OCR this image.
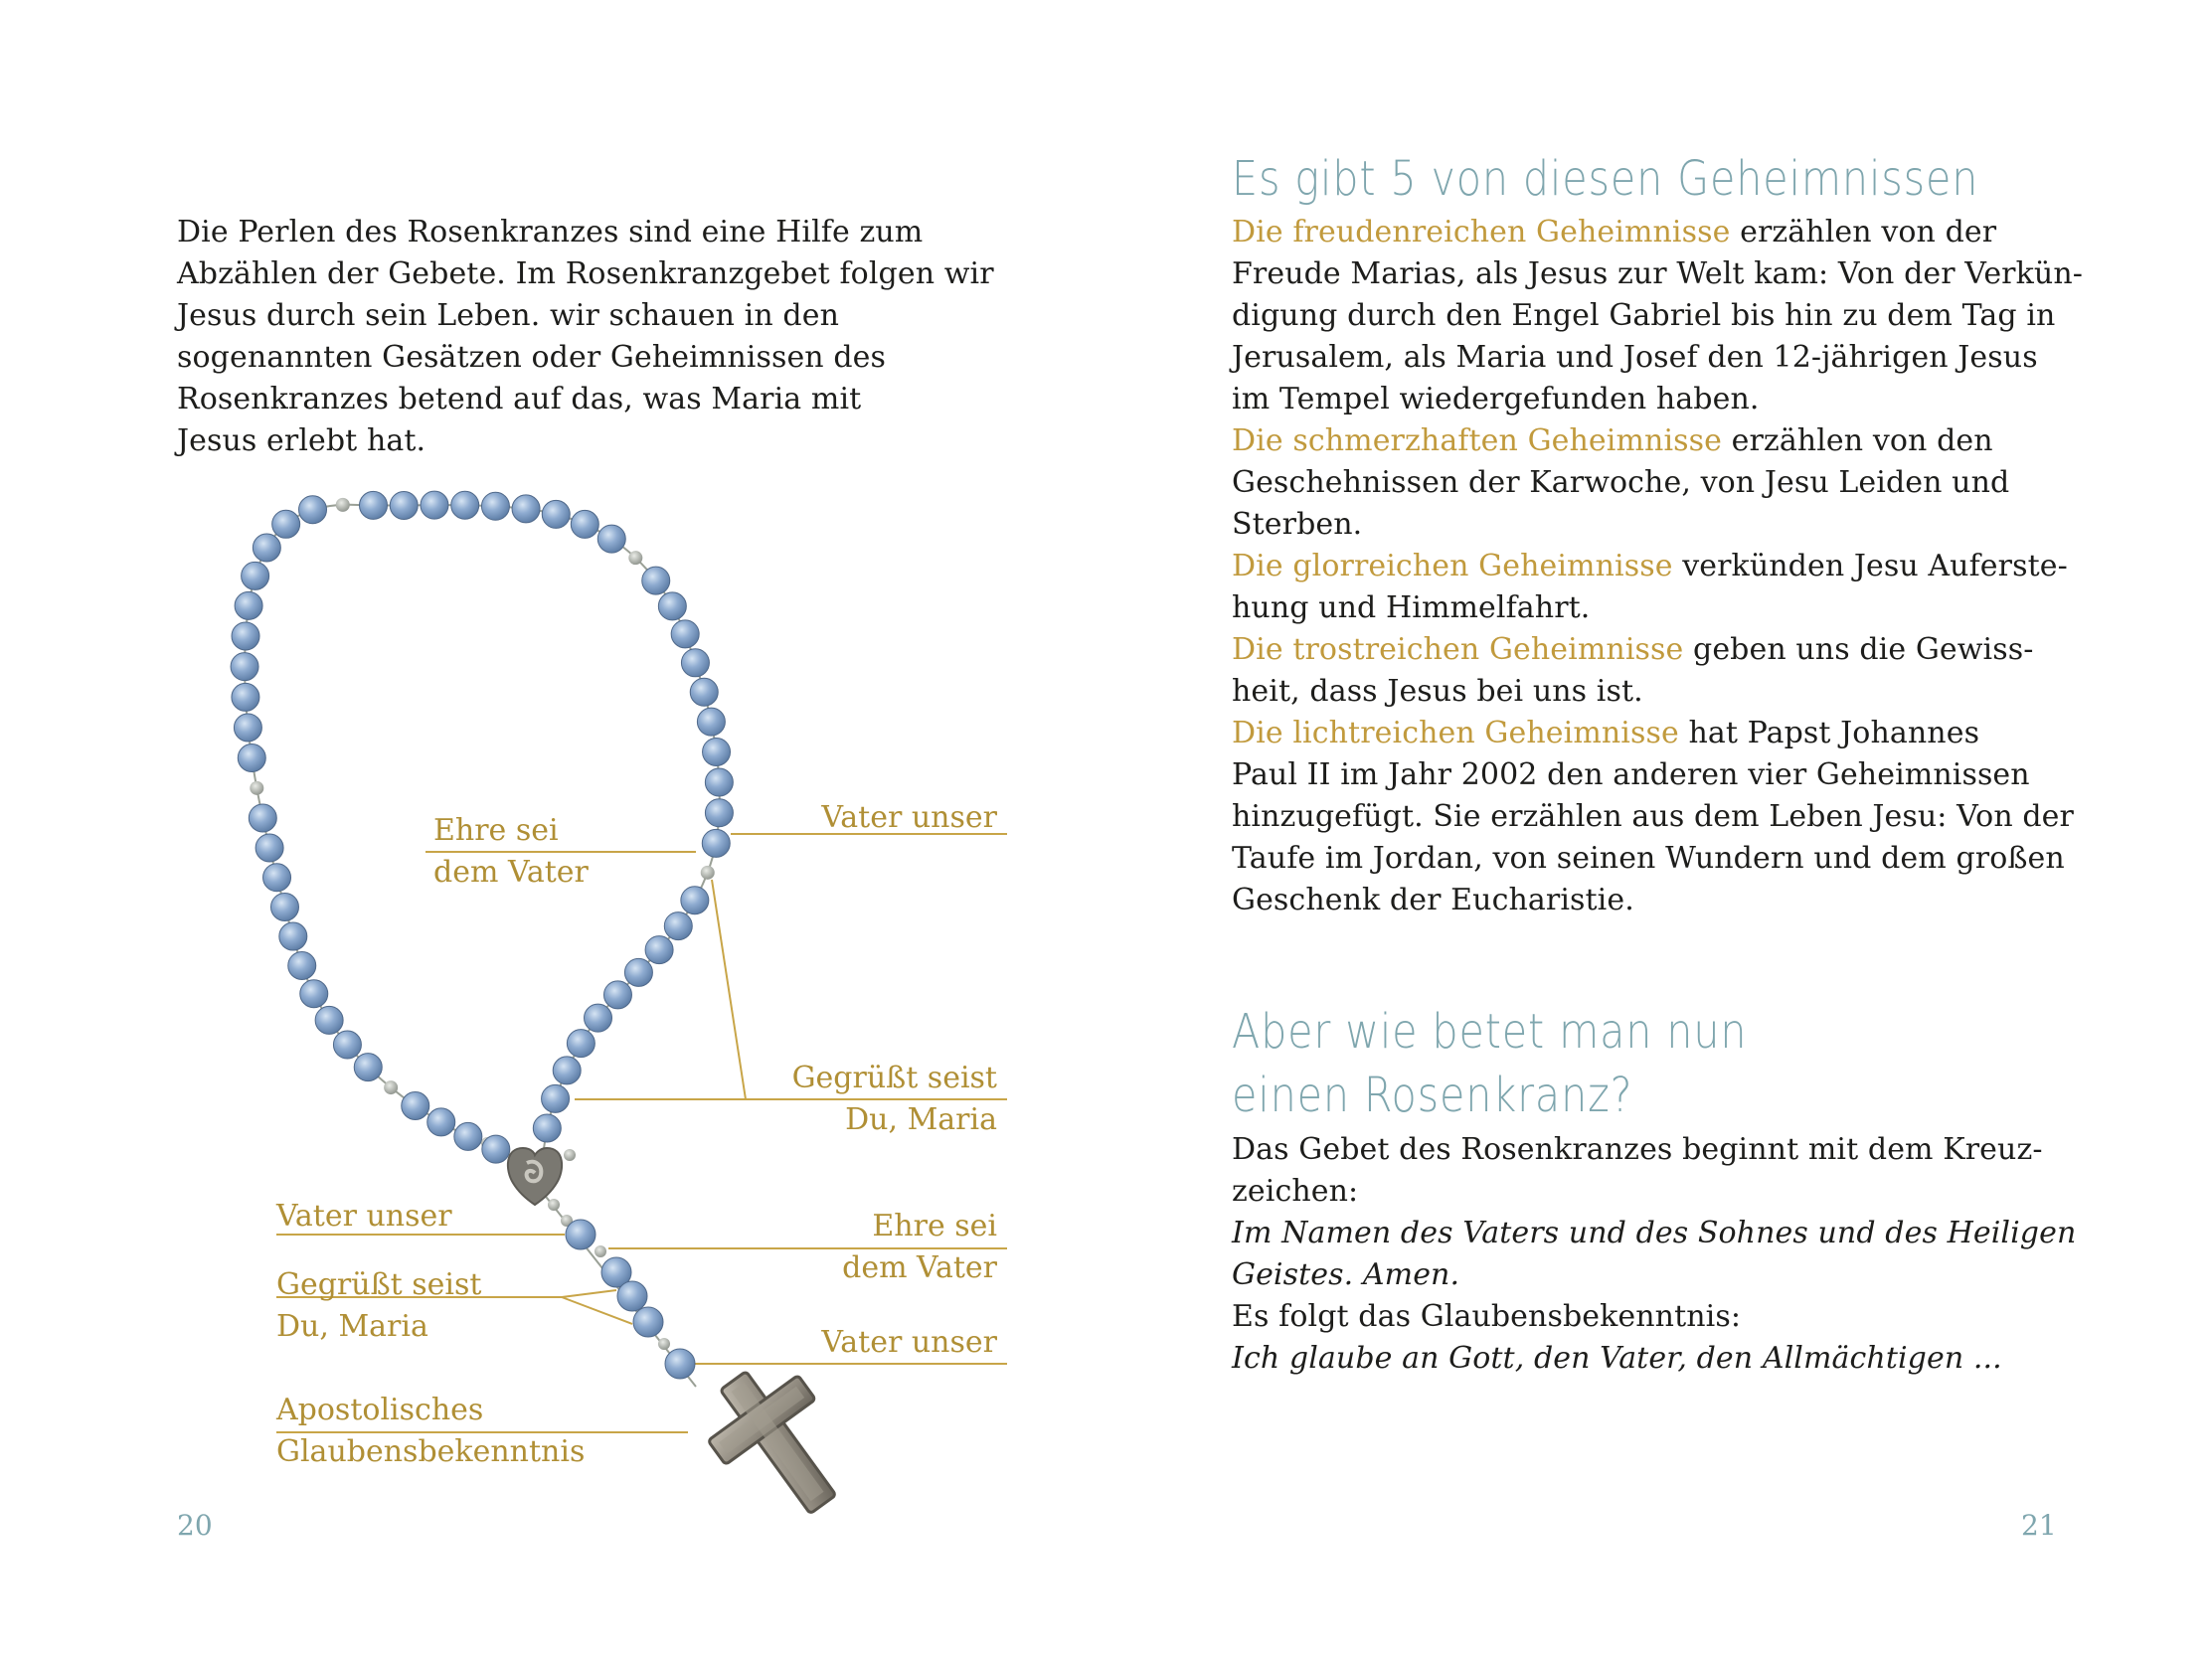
Die Perlen des Rosenkranzes sind eine Hilfe zum

Abzählen der Gebete. Im Rosenkranzgebet folgen wir

Jesus durch sein Leben. wir schauen in den

sogenannten Gesätzen oder Geheimnissen des

Rosenkranzes betend auf das, was Maria mit

Jesus erlebt hat.

Ehre sei
dem Vater
Vater unser
Gegrüßt seist
Du, Maria
Vater unser	Ehre sei
dem Vater
Gegrüßt seist
Du, Maria	Vater unser
Apostolisches
Glaubensbekenntnis
20
Es gibt 5 von diesen Geheimnissen

Die freudenreichen Geheimnisse erzählen von der

Freude Marias, als Jesus zur Welt kam: Von der Verkün-

digung durch den Engel Gabriel bis hin zu dem Tag in

Jerusalem, als Maria und Josef den 12-jährigen Jesus

im Tempel wiedergefunden haben.

Die schmerzhaften Geheimnisse erzählen von den

Geschehnissen der Karwoche, von Jesu Leiden und

Sterben.

Die glorreichen Geheimnisse verkünden Jesu Auferste-

hung und Himmelfahrt.

Die trostreichen Geheimnisse geben uns die Gewiss-

heit, dass Jesus bei uns ist.

Die lichtreichen Geheimnisse hat Papst Johannes

Paul II im Jahr 2002 den anderen vier Geheimnissen

hinzugefügt. Sie erzählen aus dem Leben Jesu: Von der

Taufe im Jordan, von seinen Wundern und dem großen

Geschenk der Eucharistie.

Aber wie betet man nun
einen Rosenkranz?

Das Gebet des Rosenkranzes beginnt mit dem Kreuz-

zeichen:

Im Namen des Vaters und des Sohnes und des Heiligen

Geistes. Amen.

Es folgt das Glaubensbekenntnis:

Ich glaube an Gott, den Vater, den Allmächtigen ...

21
